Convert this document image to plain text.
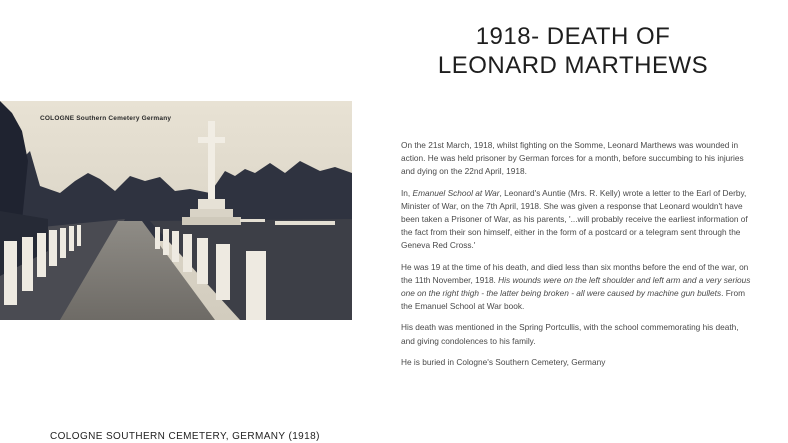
1918- DEATH OF
LEONARD MARTHEWS
COLOGNE Southern Cemetery Germany
COLOGNE SOUTHERN CEMETERY, GERMANY (1918)

On the 21st March, 1918, whilst fighting on the Somme, Leonard Marthews was wounded in action. He was held prisoner by German forces for a month, before succumbing to his injuries and dying on the 22nd April, 1918.

In, Emanuel School at War, Leonard's Auntie (Mrs. R. Kelly) wrote a letter to the Earl of Derby, Minister of War, on the 7th April, 1918. She was given a response that Leonard wouldn't have been taken a Prisoner of War, as his parents, '...will probably receive the earliest information of the fact from their son himself, either in the form of a postcard or a telegram sent through the Geneva Red Cross.'

He was 19 at the time of his death, and died less than six months before the end of the war, on the 11th November, 1918. His wounds were on the left shoulder and left arm and a very serious one on the right thigh - the latter being broken - all were caused by machine gun bullets. From the Emanuel School at War book.

His death was mentioned in the Spring Portcullis, with the school commemorating his death, and giving condolences to his family.

He is buried in Cologne's Southern Cemetery, Germany
